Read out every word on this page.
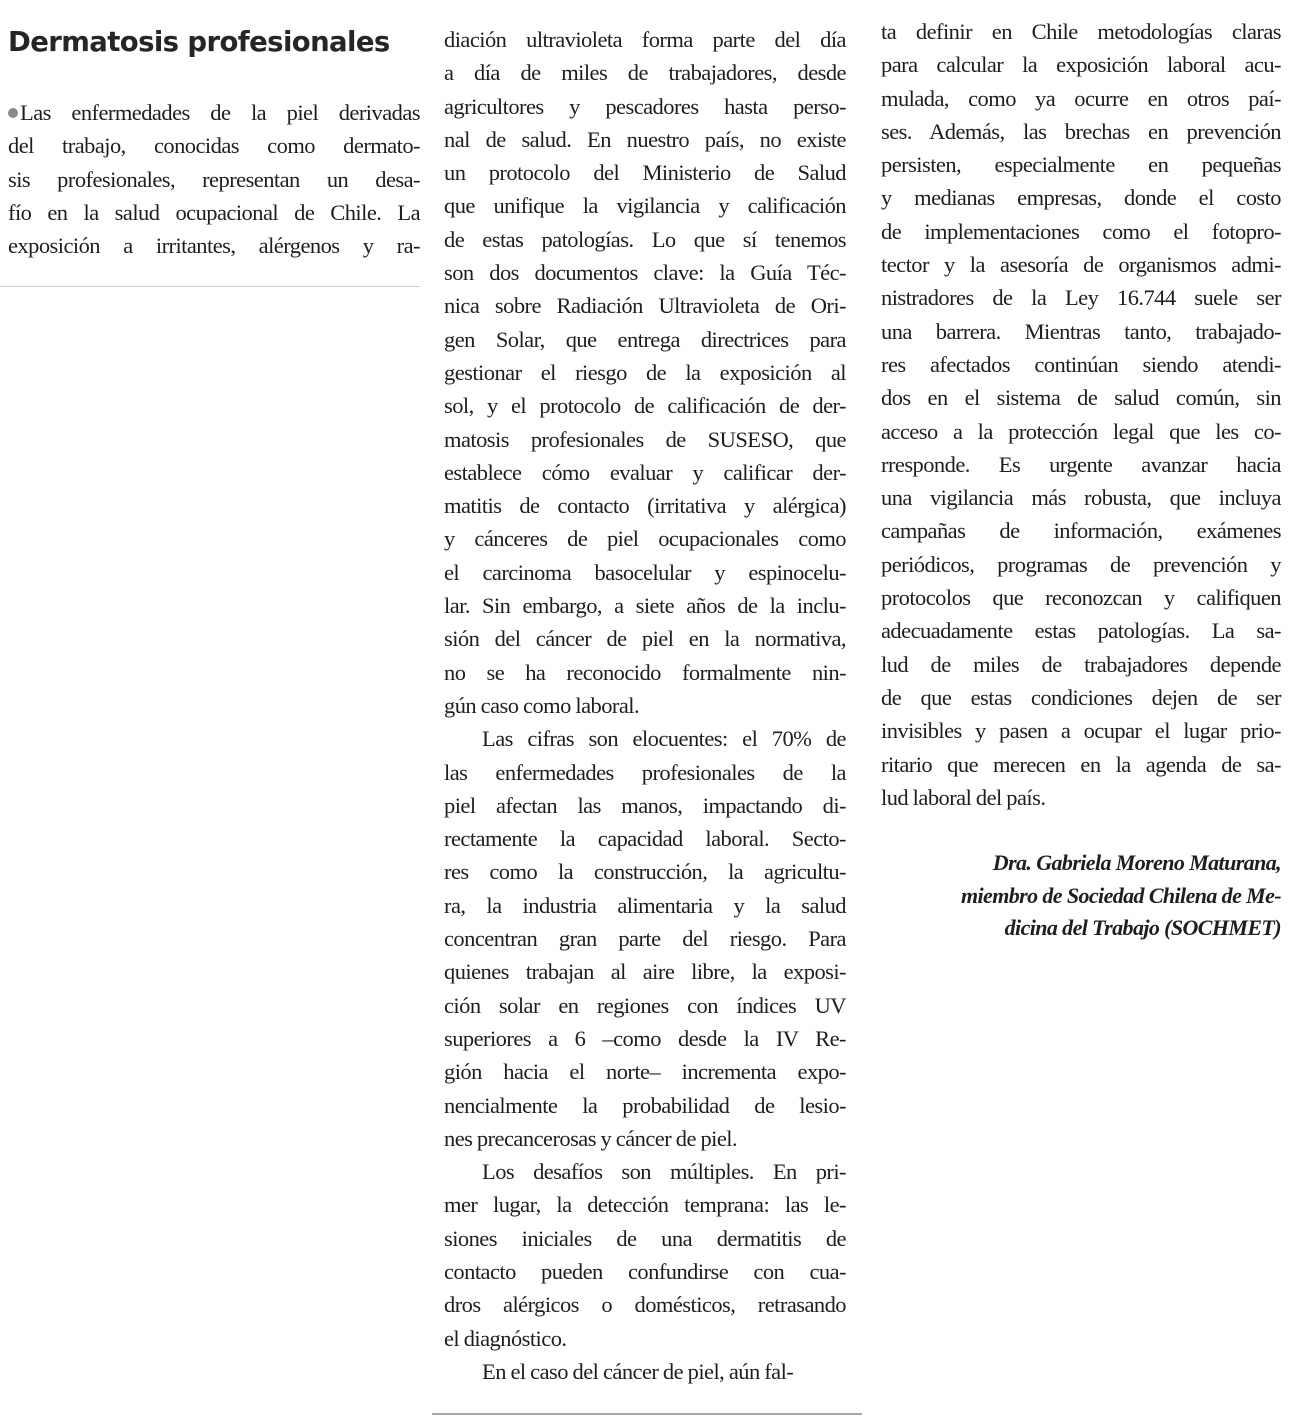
Dermatosis profesionales
Las enfermedades de la piel derivadas
del trabajo, conocidas como dermato-
sis profesionales, representan un desa-
fío en la salud ocupacional de Chile. La
exposición a irritantes, alérgenos y ra-
diación ultravioleta forma parte del día
a día de miles de trabajadores, desde
agricultores y pescadores hasta perso-
nal de salud. En nuestro país, no existe
un protocolo del Ministerio de Salud
que unifique la vigilancia y calificación
de estas patologías. Lo que sí tenemos
son dos documentos clave: la Guía Téc-
nica sobre Radiación Ultravioleta de Ori-
gen Solar, que entrega directrices para
gestionar el riesgo de la exposición al
sol, y el protocolo de calificación de der-
matosis profesionales de SUSESO, que
establece cómo evaluar y calificar der-
matitis de contacto (irritativa y alérgica)
y cánceres de piel ocupacionales como
el carcinoma basocelular y espinocelu-
lar. Sin embargo, a siete años de la inclu-
sión del cáncer de piel en la normativa,
no se ha reconocido formalmente nin-
gún caso como laboral.
Las cifras son elocuentes: el 70% de
las enfermedades profesionales de la
piel afectan las manos, impactando di-
rectamente la capacidad laboral. Secto-
res como la construcción, la agricultu-
ra, la industria alimentaria y la salud
concentran gran parte del riesgo. Para
quienes trabajan al aire libre, la exposi-
ción solar en regiones con índices UV
superiores a 6 –como desde la IV Re-
gión hacia el norte– incrementa expo-
nencialmente la probabilidad de lesio-
nes precancerosas y cáncer de piel.
Los desafíos son múltiples. En pri-
mer lugar, la detección temprana: las le-
siones iniciales de una dermatitis de
contacto pueden confundirse con cua-
dros alérgicos o domésticos, retrasando
el diagnóstico.
En el caso del cáncer de piel, aún fal-
ta definir en Chile metodologías claras
para calcular la exposición laboral acu-
mulada, como ya ocurre en otros paí-
ses. Además, las brechas en prevención
persisten, especialmente en pequeñas
y medianas empresas, donde el costo
de implementaciones como el fotopro-
tector y la asesoría de organismos admi-
nistradores de la Ley 16.744 suele ser
una barrera. Mientras tanto, trabajado-
res afectados continúan siendo atendi-
dos en el sistema de salud común, sin
acceso a la protección legal que les co-
rresponde. Es urgente avanzar hacia
una vigilancia más robusta, que incluya
campañas de información, exámenes
periódicos, programas de prevención y
protocolos que reconozcan y califiquen
adecuadamente estas patologías. La sa-
lud de miles de trabajadores depende
de que estas condiciones dejen de ser
invisibles y pasen a ocupar el lugar prio-
ritario que merecen en la agenda de sa-
lud laboral del país.
Dra. Gabriela Moreno Maturana,
miembro de Sociedad Chilena de Me-
dicina del Trabajo (SOCHMET)
